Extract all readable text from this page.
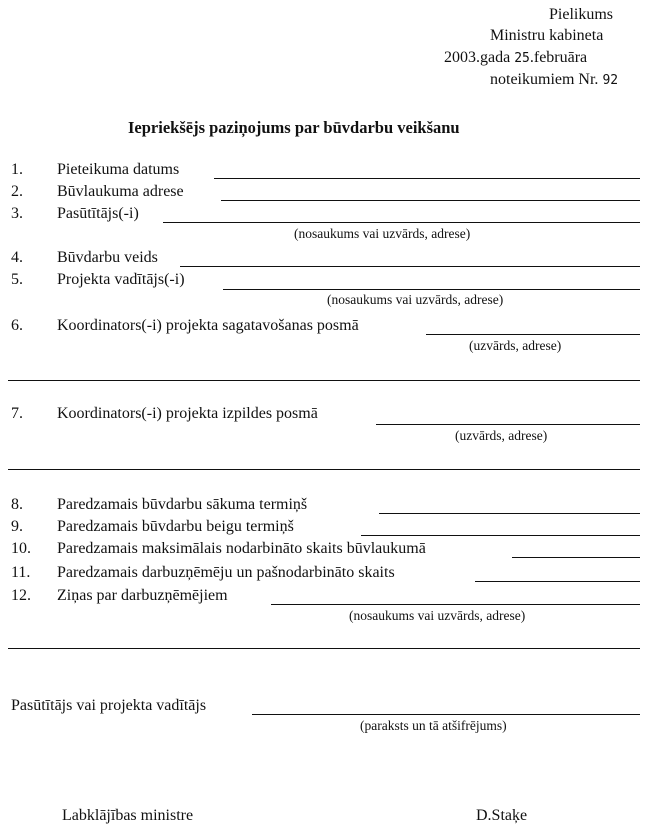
Pielikums
Ministru kabineta
2003.gada 25.februāra
noteikumiem Nr. 92
Iepriekšējs paziņojums par būvdarbu veikšanu
1. Pieteikuma datums
2. Būvlaukuma adrese
3. Pasūtītājs(-i)
(nosaukums vai uzvārds, adrese)
4. Būvdarbu veids
5. Projekta vadītājs(-i)
(nosaukums vai uzvārds, adrese)
6. Koordinators(-i) projekta sagatavošanas posmā
(uzvārds, adrese)
7. Koordinators(-i) projekta izpildes posmā
(uzvārds, adrese)
8. Paredzamais būvdarbu sākuma termiņš
9. Paredzamais būvdarbu beigu termiņš
10. Paredzamais maksimālais nodarbināto skaits būvlaukumā
11. Paredzamais darbuzņēmēju un pašnodarbināto skaits
12. Ziņas par darbuzņēmējiem
(nosaukums vai uzvārds, adrese)
Pasūtītājs vai projekta vadītājs
(paraksts un tā atšifrējums)
Labklājības ministre	D.Staķe
